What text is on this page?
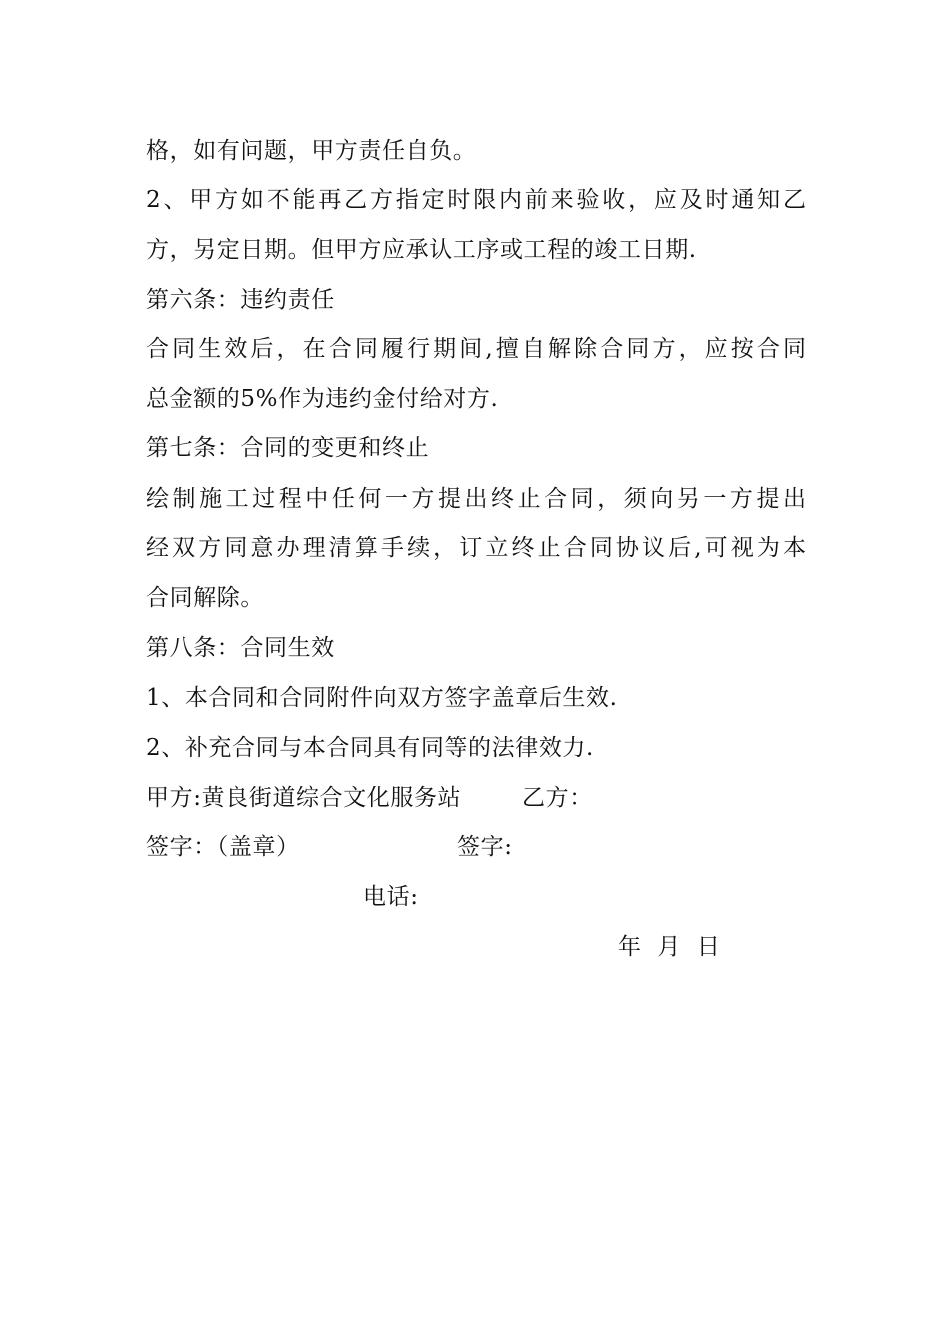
格，如有问题，甲方责任自负。
2、甲方如不能再乙方指定时限内前来验收，应及时通知乙
方，另定日期。但甲方应承认工序或工程的竣工日期.
第六条：违约责任
合同生效后，在合同履行期间,擅自解除合同方，应按合同
总金额的5%作为违约金付给对方.
第七条：合同的变更和终止
绘制施工过程中任何一方提出终止合同，须向另一方提出
经双方同意办理清算手续，订立终止合同协议后,可视为本
合同解除。
第八条：合同生效
1、本合同和合同附件向双方签字盖章后生效.
2、补充合同与本合同具有同等的法律效力.
甲方:黄良街道综合文化服务站	乙方：
签字：（盖章）	签字:
电话:
年  月  日
